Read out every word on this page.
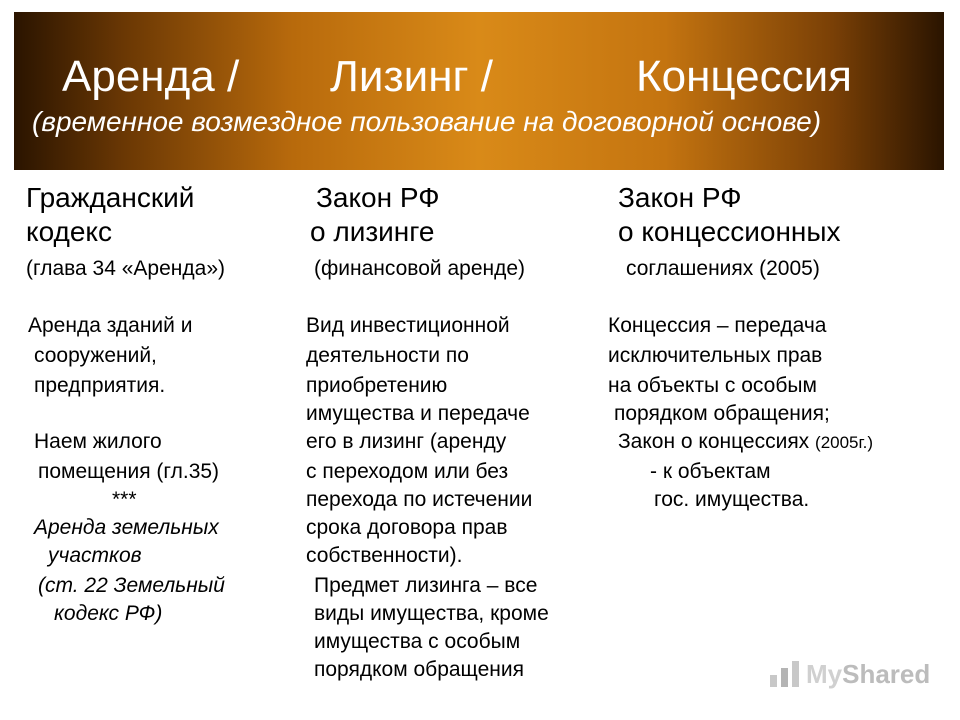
Аренда / Лизинг /	Концессия
(временное возмездное пользование на договорной основе)
Гражданский
кодекс
(глава 34 «Аренда»)
Закон РФ
о лизинге
(финансовой аренде)
Закон РФ
о концессионных
соглашениях (2005)
Аренда зданий и
сооружений,
предприятия.
Наем жилого
помещения (гл.35)
***
Аренда земельных
участков
(ст. 22 Земельный
кодекс РФ)
Вид инвестиционной
деятельности по
приобретению
имущества и передаче
его в лизинг (аренду
с переходом или без
перехода по истечении
срока договора прав
собственности).
Предмет лизинга – все
виды имущества, кроме
имущества с особым
порядком обращения
Концессия – передача
исключительных прав
на объекты с особым
порядком обращения;
Закон о концессиях (2005г.)
- к объектам
гос. имущества.
My Shared
